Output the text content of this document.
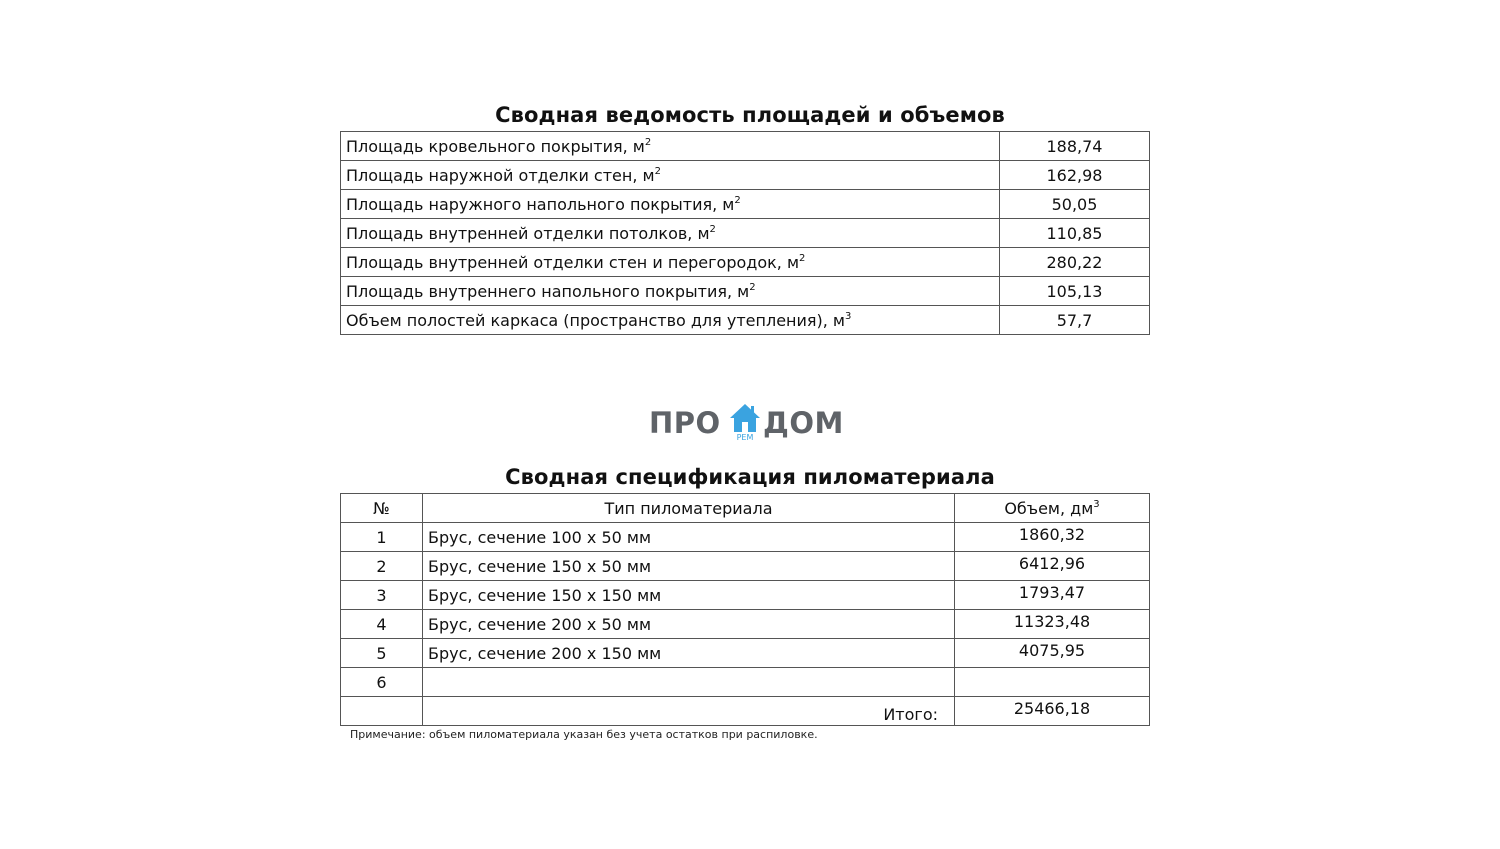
Сводная ведомость площадей и объемов
Площадь кровельного покрытия, $м^2$	188,74
Площадь наружной отделки стен, $м^2$	162,98
Площадь наружного напольного покрытия, $м^2$	50,05
Площадь внутренней отделки потолков, $м^2$	110,85
Площадь внутренней отделки стен и перегородок, $м^2$	280,22
Площадь внутреннего напольного покрытия, $м^2$	105,13
Объем полостей каркаса (пространство для утепления), $м^3$	57,7
ПРО	РЕМ ДОМ
Сводная спецификация пиломатериала
№	Тип пиломатериала	Объем, $дм^3$
1	Брус, сечение 100 х 50 мм	1860,32
2	Брус, сечение 150 х 50 мм	6412,96
3	Брус, сечение 150 х 150 мм	1793,47
4	Брус, сечение 200 х 50 мм	11323,48
5	Брус, сечение 200 х 150 мм	4075,95
6		
	Итого:	25466,18
Примечание: объем пиломатериала указан без учета остатков при распиловке.
